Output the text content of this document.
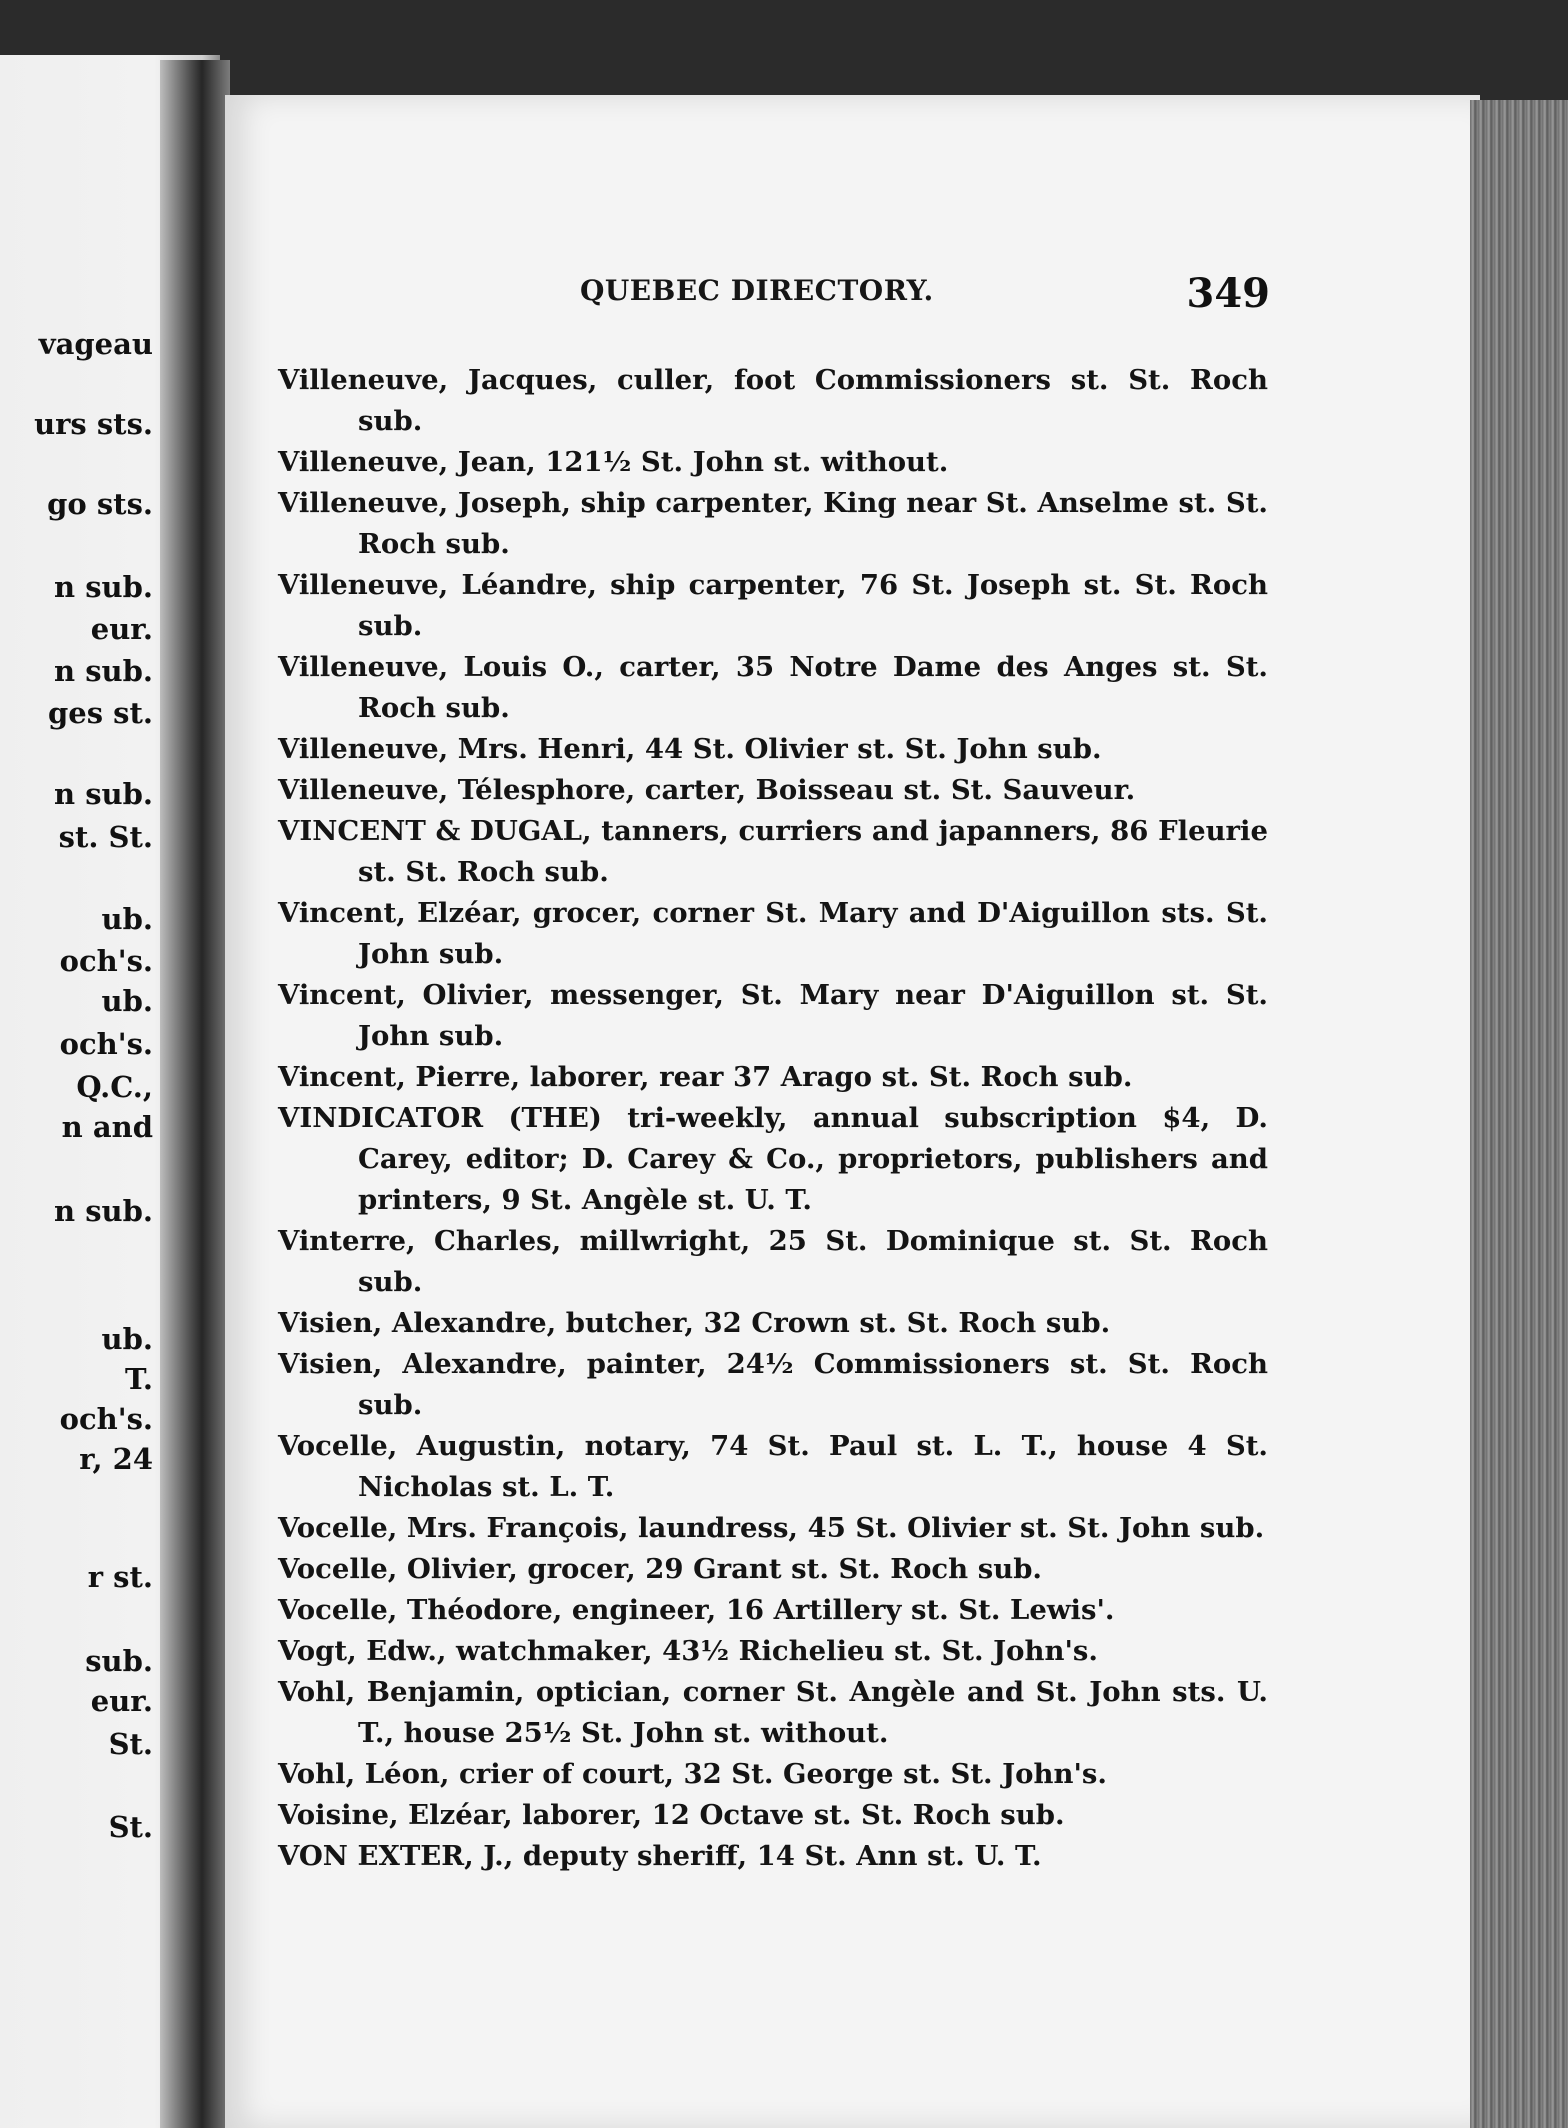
vageau

urs sts.

go sts.

n sub.

eur.

n sub.

ges st.

n sub.

st. St.

ub.

och's.

ub.

och's.

Q.C.,

n and

n sub.

ub.

T.

och's.

r, 24

r st.

sub.

eur.

St.

St.

QUEBEC DIRECTORY.	349
Villeneuve, Jacques, culler, foot Commissioners st. St. Roch sub.
Villeneuve, Jean, 121½ St. John st. without.
Villeneuve, Joseph, ship carpenter, King near St. Anselme st. St. Roch sub.
Villeneuve, Léandre, ship carpenter, 76 St. Joseph st. St. Roch sub.
Villeneuve, Louis O., carter, 35 Notre Dame des Anges st. St. Roch sub.
Villeneuve, Mrs. Henri, 44 St. Olivier st. St. John sub.
Villeneuve, Télesphore, carter, Boisseau st. St. Sauveur.
VINCENT & DUGAL, tanners, curriers and japanners, 86 Fleurie st. St. Roch sub.
Vincent, Elzéar, grocer, corner St. Mary and D'Aiguillon sts. St. John sub.
Vincent, Olivier, messenger, St. Mary near D'Aiguillon st. St. John sub.
Vincent, Pierre, laborer, rear 37 Arago st. St. Roch sub.
VINDICATOR (THE) tri-weekly, annual subscription $4, D. Carey, editor; D. Carey & Co., proprietors, publishers and printers, 9 St. Angèle st. U. T.
Vinterre, Charles, millwright, 25 St. Dominique st. St. Roch sub.
Visien, Alexandre, butcher, 32 Crown st. St. Roch sub.
Visien, Alexandre, painter, 24½ Commissioners st. St. Roch sub.
Vocelle, Augustin, notary, 74 St. Paul st. L. T., house 4 St. Nicholas st. L. T.
Vocelle, Mrs. François, laundress, 45 St. Olivier st. St. John sub.
Vocelle, Olivier, grocer, 29 Grant st. St. Roch sub.
Vocelle, Théodore, engineer, 16 Artillery st. St. Lewis'.
Vogt, Edw., watchmaker, 43½ Richelieu st. St. John's.
Vohl, Benjamin, optician, corner St. Angèle and St. John sts. U. T., house 25½ St. John st. without.
Vohl, Léon, crier of court, 32 St. George st. St. John's.
Voisine, Elzéar, laborer, 12 Octave st. St. Roch sub.
VON EXTER, J., deputy sheriff, 14 St. Ann st. U. T.
